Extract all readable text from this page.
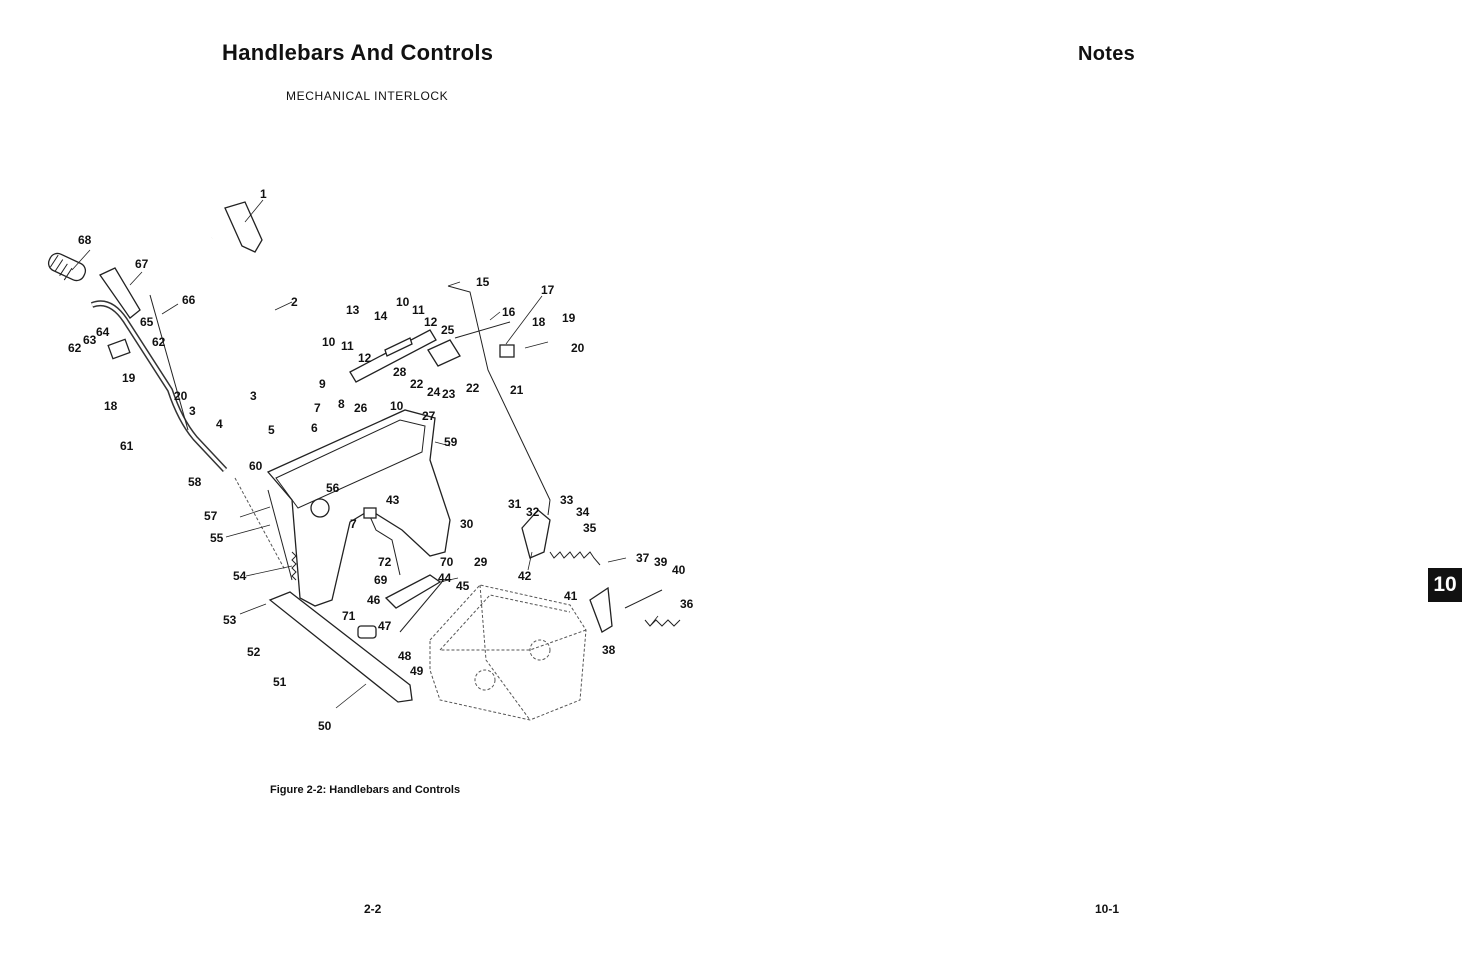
Handlebars And Controls
MECHANICAL INTERLOCK
1
2
3
3
4	5	6
7
7
8
9
10
10
10
11
11
12
12
13 14
15
16
17
18
18
19
19
20
20	21
22	22
23
24
25
26
27
28
29
30
31
32
33
34
35
36
37
38
39
40
41
42
43
44
45
46
47
48
49
50
51
52
53
54
55
56
57
58
59
60
61
62	62
63
64
65
66
67
68
69
70
71
72
Figure 2-2: Handlebars and Controls
2-2
Notes
10
10-1
